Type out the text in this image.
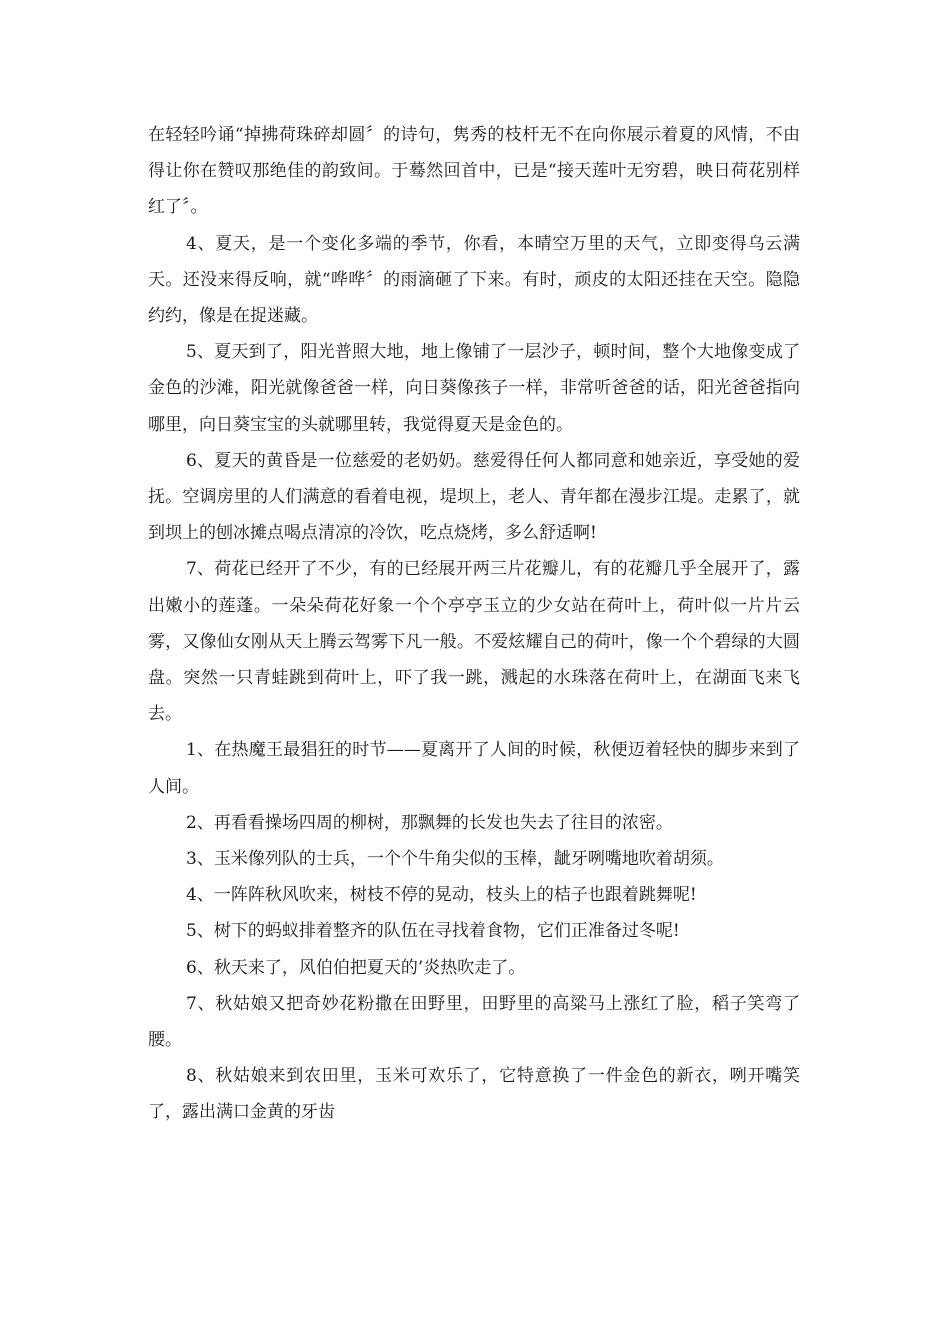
在轻轻吟诵“掉拂荷珠碎却圆〞的诗句，隽秀的枝杆无不在向你展示着夏的风情，不由得让你在赞叹那绝佳的韵致间。于蓦然回首中，已是“接天莲叶无穷碧，映日荷花别样红了〞。

4、夏天，是一个变化多端的季节，你看，本晴空万里的天气，立即变得乌云满天。还没来得反响，就“哗哗〞的雨滴砸了下来。有时，顽皮的太阳还挂在天空。隐隐约约，像是在捉迷藏。

5、夏天到了，阳光普照大地，地上像铺了一层沙子，顿时间，整个大地像变成了金色的沙滩，阳光就像爸爸一样，向日葵像孩子一样，非常听爸爸的话，阳光爸爸指向哪里，向日葵宝宝的头就哪里转，我觉得夏天是金色的。

6、夏天的黄昏是一位慈爱的老奶奶。慈爱得任何人都同意和她亲近，享受她的爱抚。空调房里的人们满意的看着电视，堤坝上，老人、青年都在漫步江堤。走累了，就到坝上的刨冰摊点喝点清凉的冷饮，吃点烧烤，多么舒适啊!

7、荷花已经开了不少，有的已经展开两三片花瓣儿，有的花瓣几乎全展开了，露出嫩小的莲蓬。一朵朵荷花好象一个个亭亭玉立的少女站在荷叶上，荷叶似一片片云雾，又像仙女刚从天上腾云驾雾下凡一般。不爱炫耀自己的荷叶，像一个个碧绿的大圆盘。突然一只青蛙跳到荷叶上，吓了我一跳，溅起的水珠落在荷叶上，在湖面飞来飞去。

1、在热魔王最猖狂的时节——夏离开了人间的时候，秋便迈着轻快的脚步来到了人间。

2、再看看操场四周的柳树，那飘舞的长发也失去了往目的浓密。

3、玉米像列队的士兵，一个个牛角尖似的玉棒，龇牙咧嘴地吹着胡须。

4、一阵阵秋风吹来，树枝不停的晃动，枝头上的桔子也跟着跳舞呢!

5、树下的蚂蚁排着整齐的队伍在寻找着食物，它们正准备过冬呢!

6、秋天来了，风伯伯把夏天的’炎热吹走了。

7、秋姑娘又把奇妙花粉撒在田野里，田野里的高粱马上涨红了脸，稻子笑弯了腰。

8、秋姑娘来到农田里，玉米可欢乐了，它特意换了一件金色的新衣，咧开嘴笑了，露出满口金黄的牙齿
